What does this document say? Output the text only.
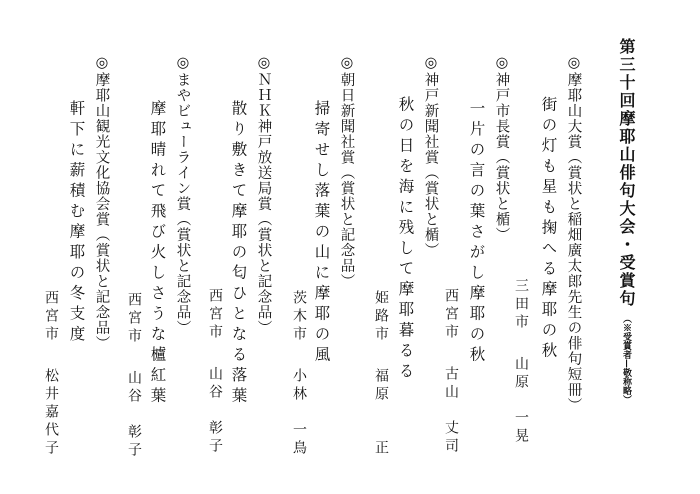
第三十回摩耶山俳句大会・受賞句（※受賞者—敬称略）
◎摩耶山大賞（賞状と稲畑廣太郎先生の俳句短冊）
街の灯も星も掬へる摩耶の秋
三田市山原　一晃
◎神戸市長賞（賞状と楯）
一片の言の葉さがし摩耶の秋
西宮市古山　丈司
◎神戸新聞社賞（賞状と楯）
秋の日を海に残して摩耶暮るる
姫路市福原　　正
◎朝日新聞社賞（賞状と記念品）
掃寄せし落葉の山に摩耶の風
茨木市小林　一鳥
◎ＮＨＫ神戸放送局賞（賞状と記念品）
散り敷きて摩耶の匂ひとなる落葉
西宮市山谷　彰子
◎まやビューライン賞（賞状と記念品）
摩耶晴れて飛び火しさうな櫨紅葉
西宮市山谷　彰子
◎摩耶山観光文化協会賞（賞状と記念品）
軒下に薪積む摩耶の冬支度
西宮市松井嘉代子
